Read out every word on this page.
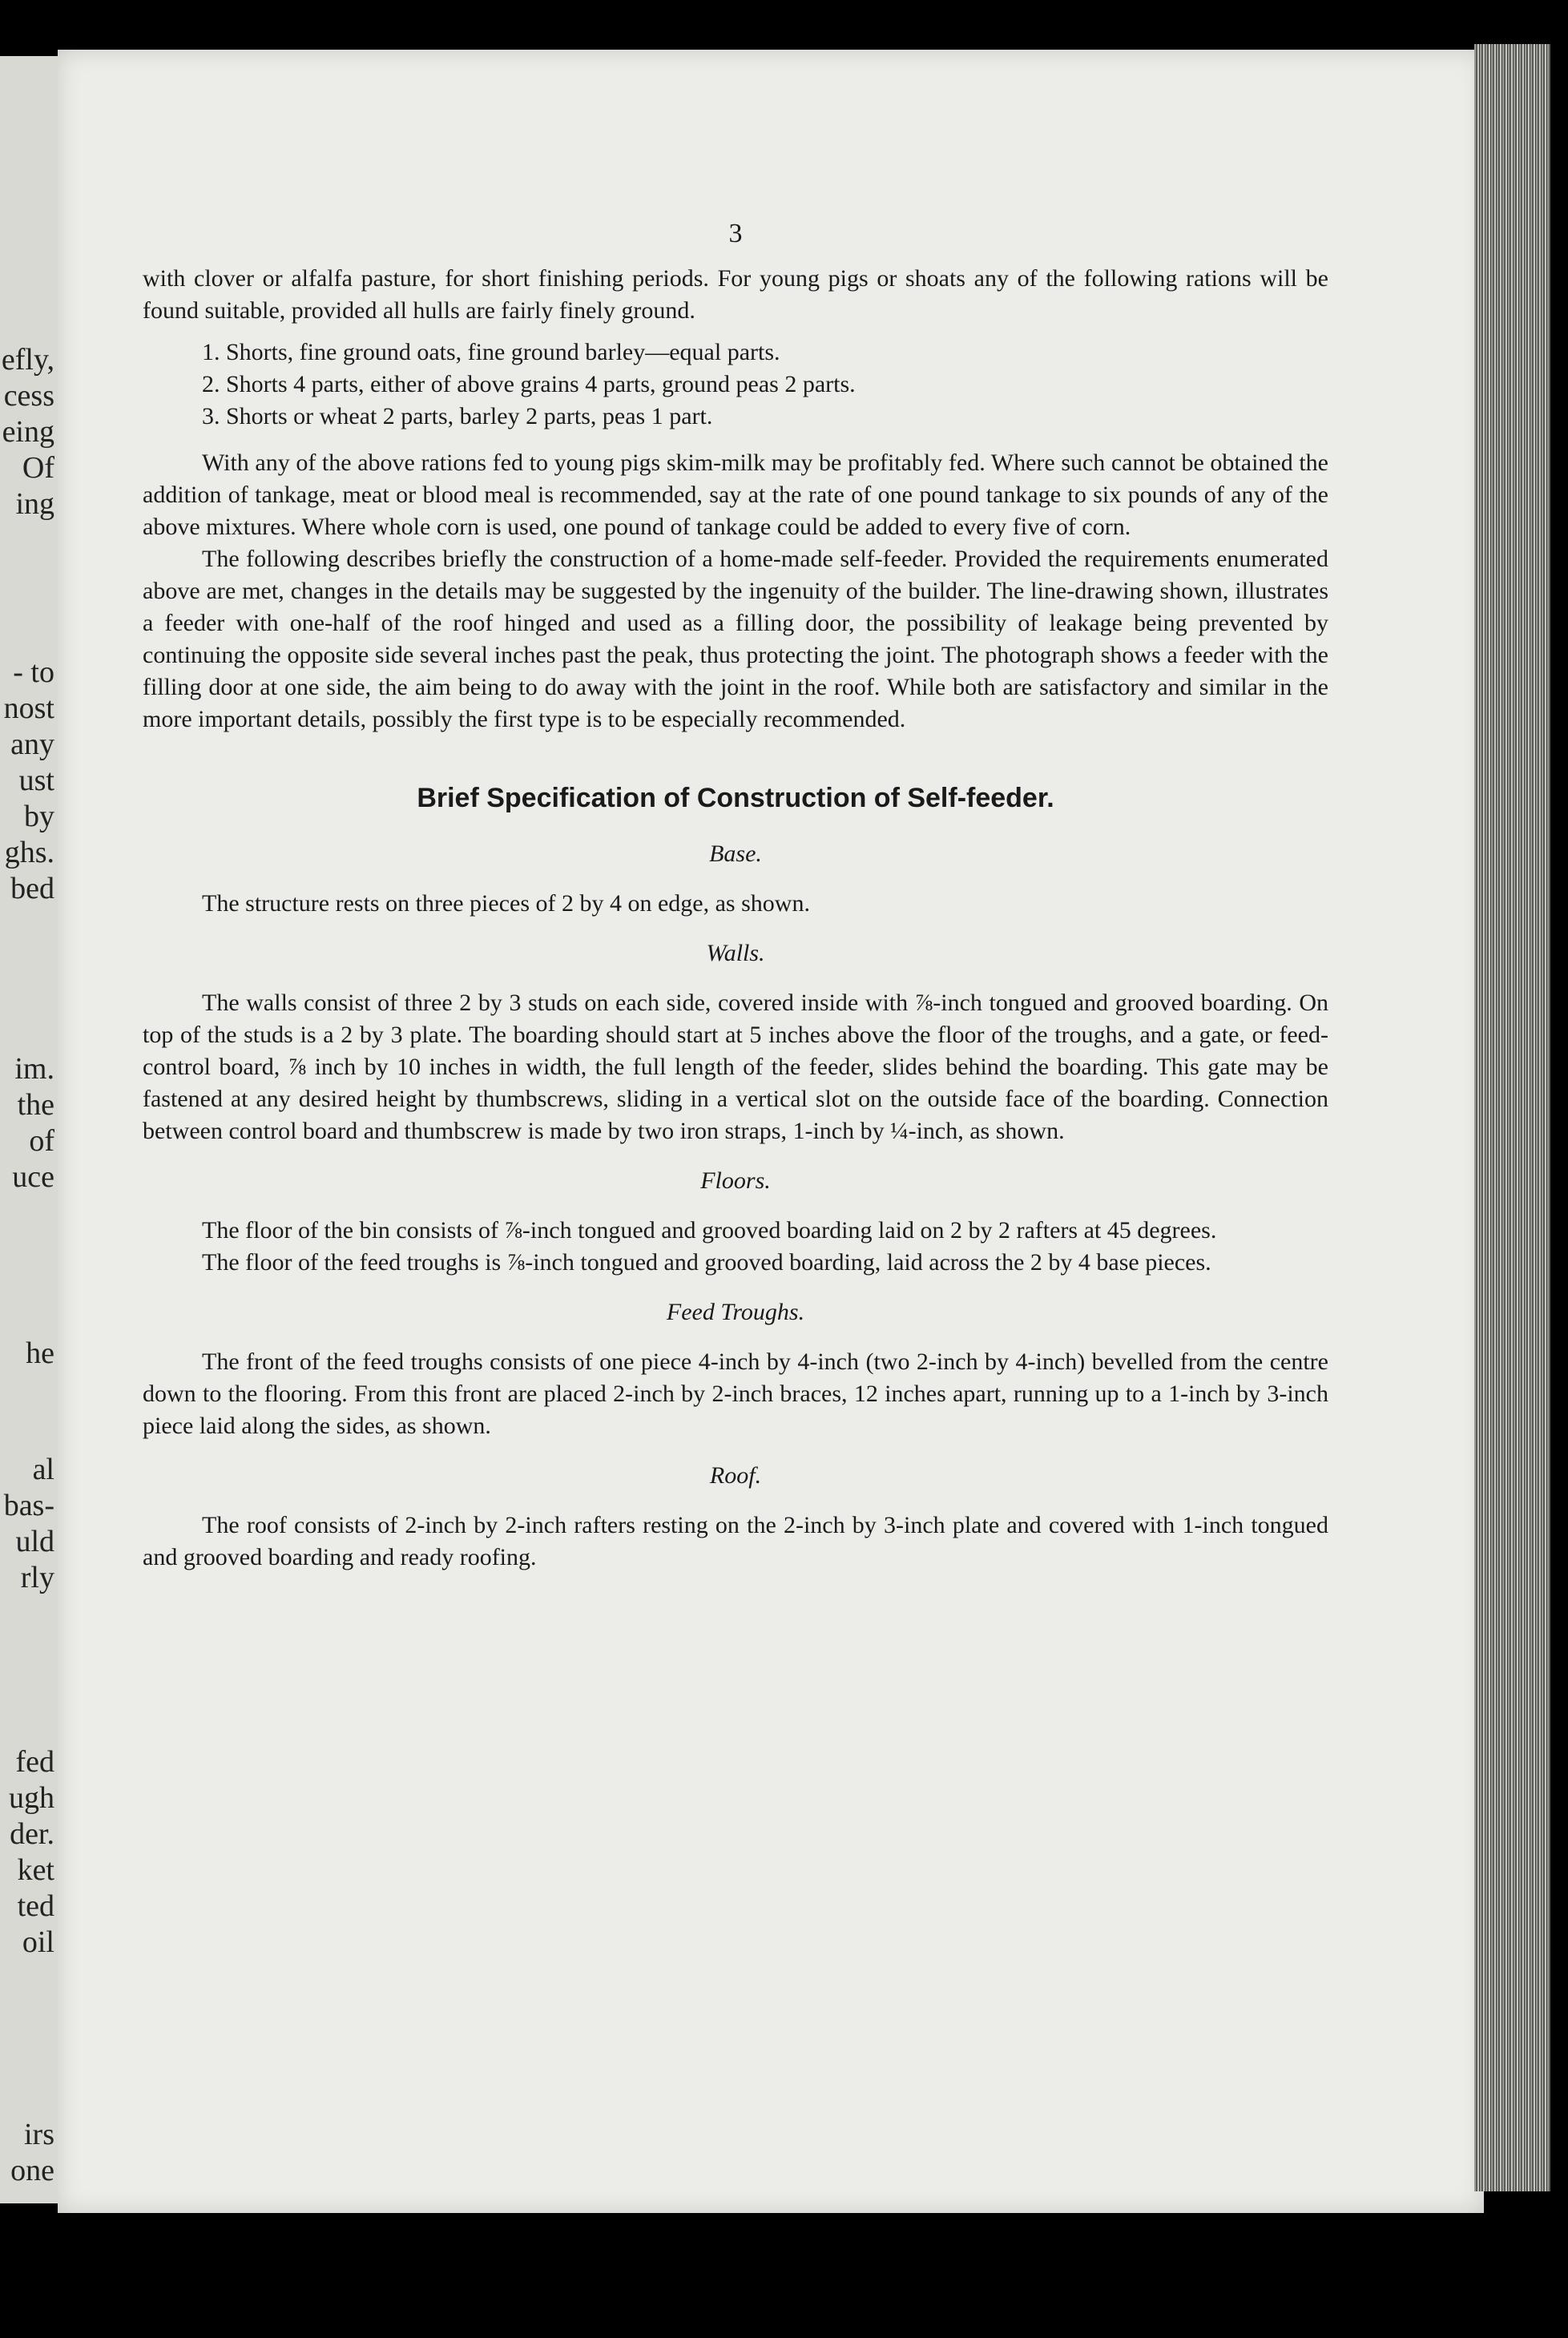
efly,
cess
eing
Of
ing
- to
nost
any
ust
by
ghs.
bed
im.
the
of
uce
he
al
bas-
uld
rly
fed
ugh
der.
ket
ted
oil
irs
one
3

with clover or alfalfa pasture, for short finishing periods. For young pigs or shoats any of the following rations will be found suitable, provided all hulls are fairly finely ground.

1. Shorts, fine ground oats, fine ground barley—equal parts.
2. Shorts 4 parts, either of above grains 4 parts, ground peas 2 parts.
3. Shorts or wheat 2 parts, barley 2 parts, peas 1 part.

With any of the above rations fed to young pigs skim-milk may be profitably fed. Where such cannot be obtained the addition of tankage, meat or blood meal is recommended, say at the rate of one pound tankage to six pounds of any of the above mixtures. Where whole corn is used, one pound of tankage could be added to every five of corn.

The following describes briefly the construction of a home-made self-feeder. Provided the requirements enumerated above are met, changes in the details may be suggested by the ingenuity of the builder. The line-drawing shown, illustrates a feeder with one-half of the roof hinged and used as a filling door, the possibility of leakage being prevented by continuing the opposite side several inches past the peak, thus protecting the joint. The photograph shows a feeder with the filling door at one side, the aim being to do away with the joint in the roof. While both are satisfactory and similar in the more important details, possibly the first type is to be especially recommended.

Brief Specification of Construction of Self-feeder.
Base.

The structure rests on three pieces of 2 by 4 on edge, as shown.

Walls.

The walls consist of three 2 by 3 studs on each side, covered inside with ⅞-inch tongued and grooved boarding. On top of the studs is a 2 by 3 plate. The boarding should start at 5 inches above the floor of the troughs, and a gate, or feed-control board, ⅞ inch by 10 inches in width, the full length of the feeder, slides behind the boarding. This gate may be fastened at any desired height by thumbscrews, sliding in a vertical slot on the outside face of the boarding. Connection between control board and thumbscrew is made by two iron straps, 1-inch by ¼-inch, as shown.

Floors.

The floor of the bin consists of ⅞-inch tongued and grooved boarding laid on 2 by 2 rafters at 45 degrees.

The floor of the feed troughs is ⅞-inch tongued and grooved boarding, laid across the 2 by 4 base pieces.

Feed Troughs.

The front of the feed troughs consists of one piece 4-inch by 4-inch (two 2-inch by 4-inch) bevelled from the centre down to the flooring. From this front are placed 2-inch by 2-inch braces, 12 inches apart, running up to a 1-inch by 3-inch piece laid along the sides, as shown.

Roof.

The roof consists of 2-inch by 2-inch rafters resting on the 2-inch by 3-inch plate and covered with 1-inch tongued and grooved boarding and ready roofing.
